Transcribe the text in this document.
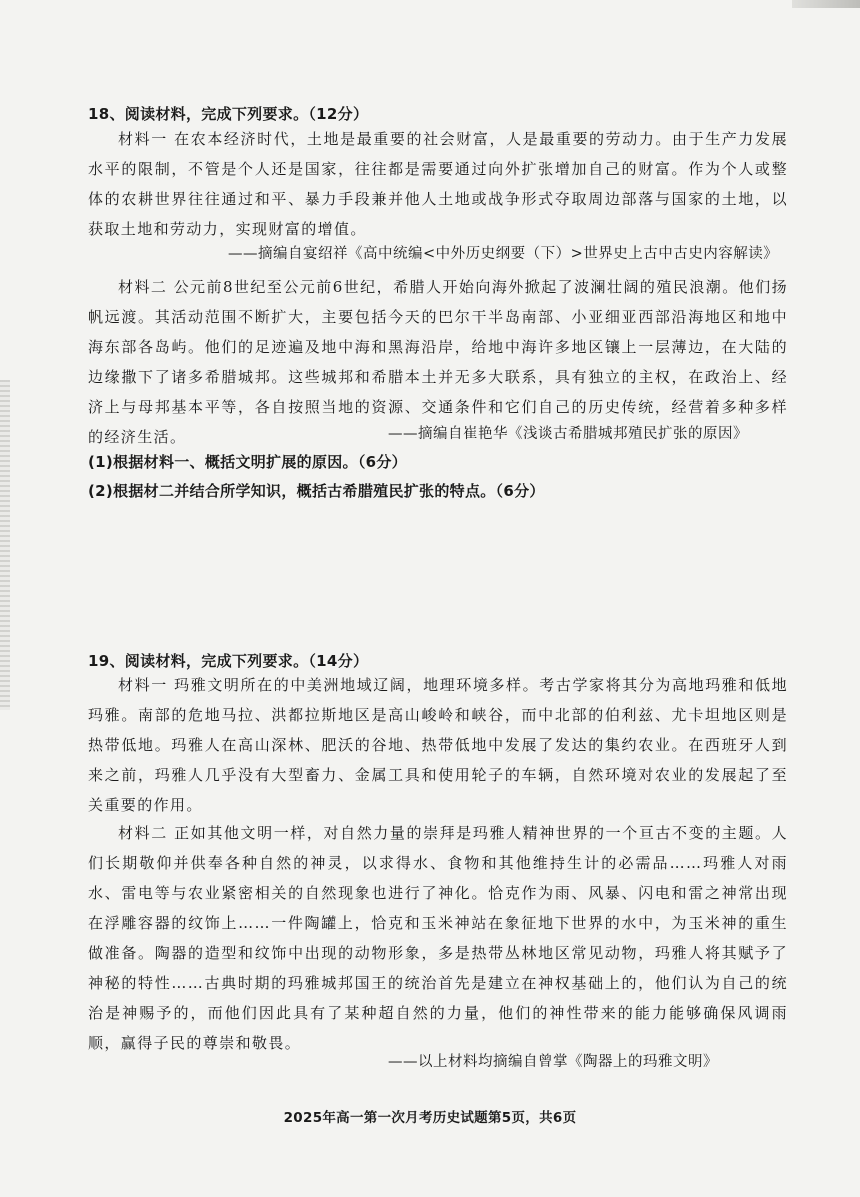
18、阅读材料，完成下列要求。（12分）
材料一 在农本经济时代，土地是最重要的社会财富，人是最重要的劳动力。由于生产力发展水平的限制，不管是个人还是国家，往往都是需要通过向外扩张增加自己的财富。作为个人或整体的农耕世界往往通过和平、暴力手段兼并他人土地或战争形式夺取周边部落与国家的土地，以获取土地和劳动力，实现财富的增值。
——摘编自宴绍祥《高中统编<中外历史纲要（下）>世界史上古中古史内容解读》
材料二 公元前8世纪至公元前6世纪，希腊人开始向海外掀起了波澜壮阔的殖民浪潮。他们扬帆远渡。其活动范围不断扩大，主要包括今天的巴尔干半岛南部、小亚细亚西部沿海地区和地中海东部各岛屿。他们的足迹遍及地中海和黑海沿岸，给地中海许多地区镶上一层薄边，在大陆的边缘撒下了诸多希腊城邦。这些城邦和希腊本土并无多大联系，具有独立的主权，在政治上、经济上与母邦基本平等，各自按照当地的资源、交通条件和它们自己的历史传统，经营着多种多样的经济生活。	——摘编自崔艳华《浅谈古希腊城邦殖民扩张的原因》
(1)根据材料一、概括文明扩展的原因。（6分）
(2)根据材二并结合所学知识，概括古希腊殖民扩张的特点。（6分）
19、阅读材料，完成下列要求。（14分）
材料一 玛雅文明所在的中美洲地域辽阔，地理环境多样。考古学家将其分为高地玛雅和低地玛雅。南部的危地马拉、洪都拉斯地区是高山峻岭和峡谷，而中北部的伯利兹、尤卡坦地区则是热带低地。玛雅人在高山深林、肥沃的谷地、热带低地中发展了发达的集约农业。在西班牙人到来之前，玛雅人几乎没有大型畜力、金属工具和使用轮子的车辆，自然环境对农业的发展起了至关重要的作用。
材料二 正如其他文明一样，对自然力量的崇拜是玛雅人精神世界的一个亘古不变的主题。人们长期敬仰并供奉各种自然的神灵，以求得水、食物和其他维持生计的必需品……玛雅人对雨水、雷电等与农业紧密相关的自然现象也进行了神化。恰克作为雨、风暴、闪电和雷之神常出现在浮雕容器的纹饰上……一件陶罐上，恰克和玉米神站在象征地下世界的水中，为玉米神的重生做准备。陶器的造型和纹饰中出现的动物形象，多是热带丛林地区常见动物，玛雅人将其赋予了神秘的特性……古典时期的玛雅城邦国王的统治首先是建立在神权基础上的，他们认为自己的统治是神赐予的，而他们因此具有了某种超自然的力量，他们的神性带来的能力能够确保风调雨顺，赢得子民的尊崇和敬畏。
——以上材料均摘编自曾掌《陶器上的玛雅文明》
2025年高一第一次月考历史试题第5页，共6页
